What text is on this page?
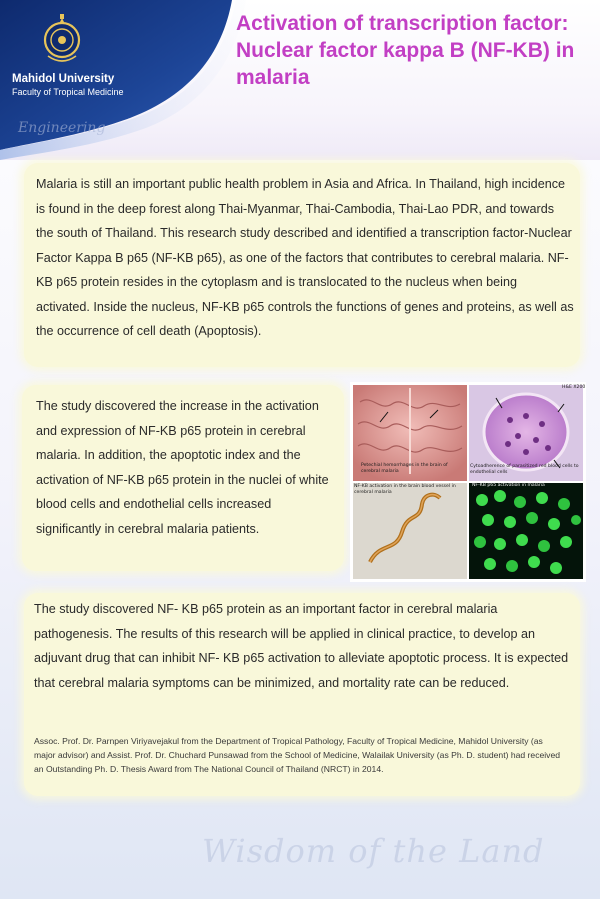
Mahidol University
Faculty of Tropical Medicine
Activation of transcription factor: Nuclear factor kappa B (NF-KB) in malaria
Engineering
Malaria is still an important public health problem in Asia and Africa. In Thailand, high incidence is found in the deep forest along Thai-Myanmar, Thai-Cambodia, Thai-Lao PDR, and towards the south of Thailand. This research study described and identified a transcription factor-Nuclear Factor Kappa B p65 (NF-KB p65), as one of the factors that contributes to cerebral malaria. NF-KB p65 protein resides in the cytoplasm and is translocated to the nucleus when being activated. Inside the nucleus, NF-KB p65 controls the functions of genes and proteins, as well as the occurrence of cell death (Apoptosis).
The study discovered the increase in the activation and expression of NF-KB p65 protein in cerebral malaria. In addition, the apoptotic index and the activation of NF-KB p65 protein in the nuclei of white blood cells and endothelial cells increased significantly in cerebral malaria patients.
H&E X200
Petechial hemorrhages in the brain of cerebral malaria
Cytoadherence of parasitized red blood cells to endothelial cells
NF-KB activation in the brain blood vessel in cerebral malaria
NF-KB p65 activation in malaria
The study discovered NF- KB p65 protein as an important factor in cerebral malaria pathogenesis. The results of this research will be applied in clinical practice, to develop an adjuvant drug that can inhibit NF- KB p65 activation to alleviate apoptotic process. It is expected that cerebral malaria symptoms can be minimized, and mortality rate can be reduced.
Assoc. Prof. Dr. Parnpen Viriyavejakul from the Department of Tropical Pathology, Faculty of Tropical Medicine, Mahidol University (as major advisor) and Assist. Prof. Dr. Chuchard Punsawad from the School of Medicine, Walailak University (as Ph. D. student) had received an Outstanding Ph. D. Thesis Award from The National Council of Thailand (NRCT) in 2014.
Wisdom of the Land
